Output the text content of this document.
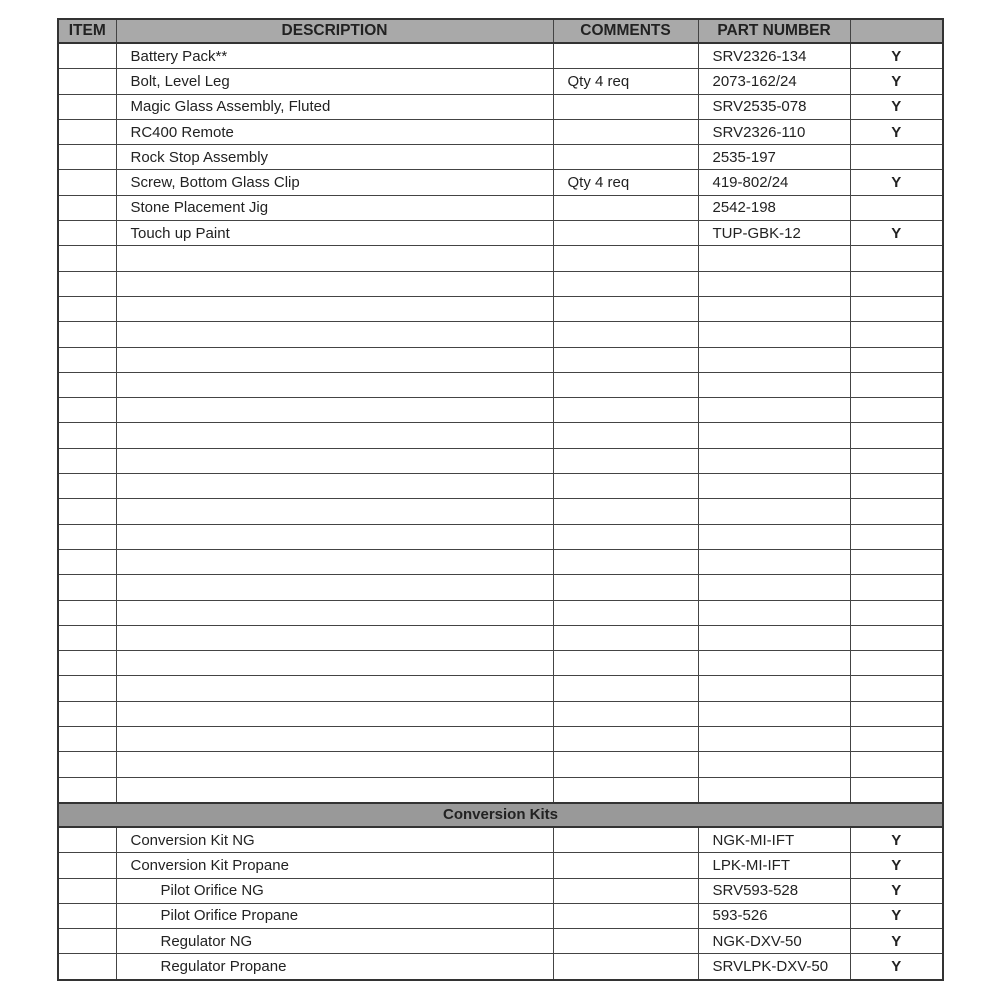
ITEM	DESCRIPTION	COMMENTS	PART NUMBER	
	Battery Pack**		SRV2326-134	Y
	Bolt, Level Leg	Qty 4 req	2073-162/24	Y
	Magic Glass Assembly, Fluted		SRV2535-078	Y
	RC400 Remote		SRV2326-110	Y
	Rock Stop Assembly		2535-197	
	Screw, Bottom Glass Clip	Qty 4 req	419-802/24	Y
	Stone Placement Jig		2542-198	
	Touch up Paint		TUP-GBK-12	Y

Conversion Kits				
	Conversion Kit NG		NGK-MI-IFT	Y
	Conversion Kit Propane		LPK-MI-IFT	Y
	Pilot Orifice NG		SRV593-528	Y
	Pilot Orifice Propane		593-526	Y
	Regulator NG		NGK-DXV-50	Y
	Regulator Propane		SRVLPK-DXV-50	Y
